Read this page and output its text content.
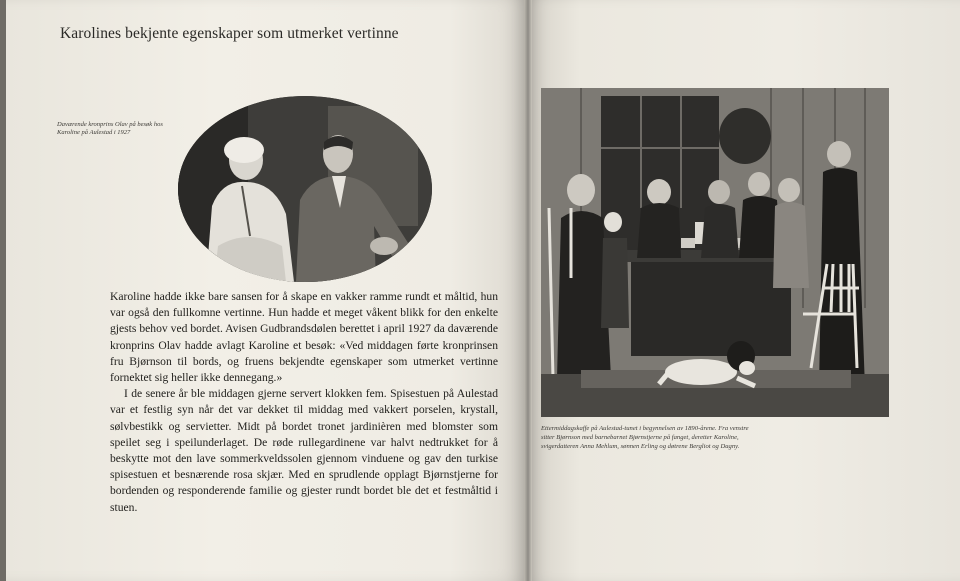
Karolines bekjente egenskaper som utmerket vertinne
Daværende kronprins Olav på besøk hos Karoline på Aulestad i 1927

Karoline hadde ikke bare sansen for å skape en vakker ramme rundt et måltid, hun var også den fullkomne vertinne. Hun hadde et meget våkent blikk for den enkelte gjests behov ved bordet. Avisen Gudbrandsdølen berettet i april 1927 da daværende kronprins Olav hadde avlagt Karoline et besøk: «Ved middagen førte kronprinsen fru Bjørnson til bords, og fruens bekjendte egenskaper som utmerket vertinne fornektet sig heller ikke dennegang.»

I de senere år ble middagen gjerne servert klokken fem. Spisestuen på Aulestad var et festlig syn når det var dekket til middag med vakkert porselen, krystall, sølvbestikk og servietter. Midt på bordet tronet jardinièren med blomster som speilet seg i speilunderlaget. De røde rullegardinene var halvt nedtrukket for å beskytte mot den lave sommerkveldssolen gjennom vinduene og gav den turkise spisestuen et besnærende rosa skjær. Med en sprudlende opplagt Bjørnstjerne for bordenden og responderende familie og gjester rundt bordet ble det et festmåltid i stuen.

Ettermiddagskaffe på Aulestad-tunet i begynnelsen av 1890-årene. Fra venstre sitter Bjørnson med barnebarnet Bjørnstjerne på fanget, deretter Karoline, svigerdatteren Anna Mehlum, sønnen Erling og døtrene Bergliot og Dagny.
